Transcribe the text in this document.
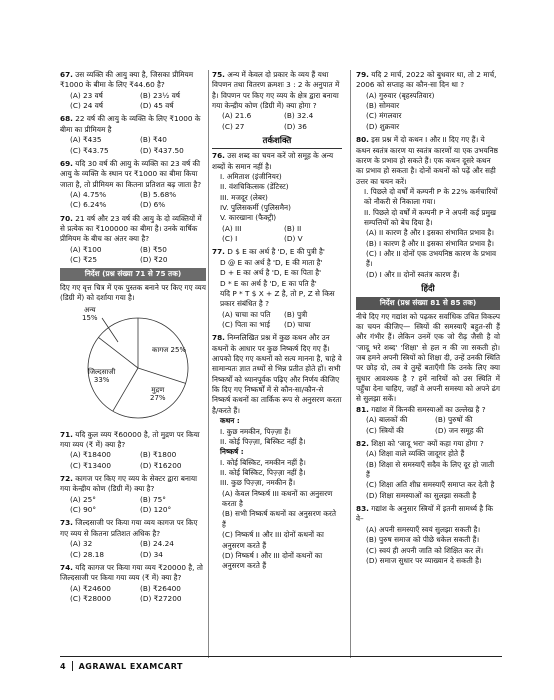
67. उस व्यक्ति की आयु क्या है, जिसका प्रीमियम ₹1000 के बीमा के लिए ₹44.60 है?
(A) 23 वर्ष	(B) 23½ वर्ष
(C) 24 वर्ष	(D) 45 वर्ष
68. 22 वर्ष की आयु के व्यक्ति के लिए ₹1000 के बीमा का प्रीमियम है
(A) ₹435	(B) ₹40
(C) ₹43.75	(D) ₹437.50
69. यदि 30 वर्ष की आयु के व्यक्ति का 23 वर्ष की आयु के व्यक्ति के स्थान पर ₹1000 का बीमा किया जाता है, तो प्रीमियम का कितना प्रतिशत बढ़ जाता है?
(A) 4.75%	(B) 5.68%
(C) 6.24%	(D) 6%
70. 21 वर्ष और 23 वर्ष की आयु के दो व्यक्तियों में से प्रत्येक का ₹100000 का बीमा है। उनके वार्षिक प्रीमियम के बीच का अंतर क्या है?
(A) ₹100	(B) ₹50
(C) ₹25	(D) ₹20
निर्देश (प्रश्न संख्या 71 से 75 तक)
दिए गए वृत्त चित्र में एक पुस्तक बनाने पर किए गए व्यय (डिग्री में) को दर्शाया गया है।
अन्य
15%
कागज 25%
जिल्दसाजी
33%
मुद्रण
27%
71. यदि कुल व्यय ₹60000 है, तो मुद्रण पर किया गया व्यय (₹ में) क्या है?
(A) ₹18400	(B) ₹1800
(C) ₹13400	(D) ₹16200
72. कागज पर किए गए व्यय के सेक्टर द्वारा बनाया गया केन्द्रीय कोण (डिग्री में) क्या है?
(A) 25°	(B) 75°
(C) 90°	(D) 120°
73. जिल्दसाजी पर किया गया व्यय कागज पर किए गए व्यय से कितना प्रतिशत अधिक है?
(A) 32	(B) 24.24
(C) 28.18	(D) 34
74. यदि कागज पर किया गया व्यय ₹20000 है, तो जिल्दसाजी पर किया गया व्यय (₹ में) क्या है?
(A) ₹24600	(B) ₹26400
(C) ₹28000	(D) ₹27200
75. अन्य में केवल दो प्रकार के व्यय हैं यथा विपणन तथा वितरण क्रमशः 3 : 2 के अनुपात में है। विपणन पर किए गए व्यय के क्षेत्र द्वारा बनाया गया केन्द्रीय कोण (डिग्री में) क्या होगा ?
(A) 21.6	(B) 32.4
(C) 27	(D) 36
तर्कशक्ति
76. उस शब्द का चयन करें जो समूह के अन्य शब्दों के समान नहीं है।
I. अमिताश (इंजीनियर)
II. वंशचिकित्सक (डेंटिस्ट)
III. मजदूर (लेबर)
IV. पुलिसकर्मी (पुलिसमैन)
V. कारखाना (फैक्ट्री)
(A) III	(B) II
(C) I	(D) V
77. D $ E का अर्थ है 'D, E की पुत्री है'
D @ E का अर्थ है 'D, E की माता है'
D + E का अर्थ है 'D, E का पिता है'
D * E का अर्थ है 'D, E का पति है'
यदि P * T $ X + Z है, तो P, Z से किस प्रकार संबंधित है ?
(A) चाचा का पति	(B) पुत्री
(C) पिता का भाई	(D) चाचा
78. निम्नलिखित प्रश्न में कुछ कथन और उन कथनों के आधार पर कुछ निष्कर्ष दिए गए हैं। आपको दिए गए कथनों को सत्य मानना है, चाहे वे सामान्यतः ज्ञात तथ्यों से भिन्न प्रतीत होते हों। सभी निष्कर्षों को ध्यानपूर्वक पढ़िए और निर्णय कीजिए कि दिए गए निष्कर्षों में से कौन-सा/कौन-से निष्कर्ष कथनों का तार्किक रूप से अनुसरण करता है/करते हैं।
कथन :
I. कुछ नमकीन, पिज़्ज़ा हैं।
II. कोई पिज़्ज़ा, बिस्किट नहीं है।
निष्कर्ष :
I. कोई बिस्किट, नमकीन नहीं है।
II. कोई बिस्किट, पिज़्ज़ा नहीं है।
III. कुछ पिज़्ज़ा, नमकीन हैं।
(A) केवल निष्कर्ष III कथनों का अनुसरण करता है
(B) सभी निष्कर्ष कथनों का अनुसरण करते हैं
(C) निष्कर्ष II और III दोनों कथनों का अनुसरण करते हैं
(D) निष्कर्ष I और III दोनों कथनों का अनुसरण करते हैं
79. यदि 2 मार्च, 2022 को बुधवार था, तो 2 मार्च, 2006 को सप्ताह का कौन-सा दिन था ?
(A) गुरुवार (बृहस्पतिवार)
(B) सोमवार
(C) मंगलवार
(D) शुक्रवार
80. इस प्रश्न में दो कथन I और II दिए गए हैं। ये कथन स्वतंत्र कारण या स्वतंत्र कारणों या एक उभयनिष्ठ कारण के प्रभाव हो सकते हैं। एक कथन दूसरे कथन का प्रभाव हो सकता है। दोनों कथनों को पढ़ें और सही उत्तर का चयन करें।
I. पिछले दो वर्षों में कम्पनी P के 22% कर्मचारियों को नौकरी से निकाला गया।
II. पिछले दो वर्षों में कम्पनी P ने अपनी कई प्रमुख सम्पत्तियों को बेच दिया है।
(A) II कारण है और I इसका संभावित प्रभाव है।
(B) I कारण है और II इसका संभावित प्रभाव है।
(C) I और II दोनों एक उभयनिष्ठ कारण के प्रभाव हैं।
(D) I और II दोनों स्वतंत्र कारण हैं।
हिंदी
निर्देश (प्रश्न संख्या 81 से 85 तक)
नीचे दिए गए गद्यांश को पढ़कर सर्वाधिक उचित विकल्प का चयन कीजिए— स्त्रियों की समस्याएँ बहुत-सी हैं और गंभीर हैं। लेकिन उनमें एक जो रीढ़ जैसी है वो 'जादू भरे शब्द' 'शिक्षा' से हल न की जा सकती हो। जब हमने अपनी स्त्रियों को शिक्षा दी, उन्हें उनकी स्थिति पर छोड़ दो, तब वे तुम्हें बताएँगी कि उनके लिए क्या सुधार आवश्यक है ? हमें नारियों को उस स्थिति में पहुँचा देना चाहिए, जहाँ वे अपनी समस्या को अपने ढंग से सुलझा सकें।
81. गद्यांश में किनकी समस्याओं का उल्लेख है ?
(A) बालकों की	(B) पुरुषों की
(C) स्त्रियों की	(D) जन समूह की
82. शिक्षा को 'जादू भरा' क्यों कहा गया होगा ?
(A) शिक्षा वाले व्यक्ति जादूगर होते हैं
(B) शिक्षा से समस्याएँ सदैव के लिए दूर हो जाती हैं
(C) शिक्षा अति शीघ्र समस्याएँ समाप्त कर देती है
(D) शिक्षा समस्याओं का सुलझा सकती है
83. गद्यांश के अनुसार स्त्रियों में इतनी सामर्थ्य है कि वे–
(A) अपनी समस्याएँ स्वयं सुलझा सकती है।
(B) पुरुष समाज को पीछे धकेल सकती हैं।
(C) स्वयं ही अपनी जाति को शिक्षित कर लें।
(D) समाज सुधार पर व्याख्यान दे सकती है।
4 AGRAWAL EXAMCART
